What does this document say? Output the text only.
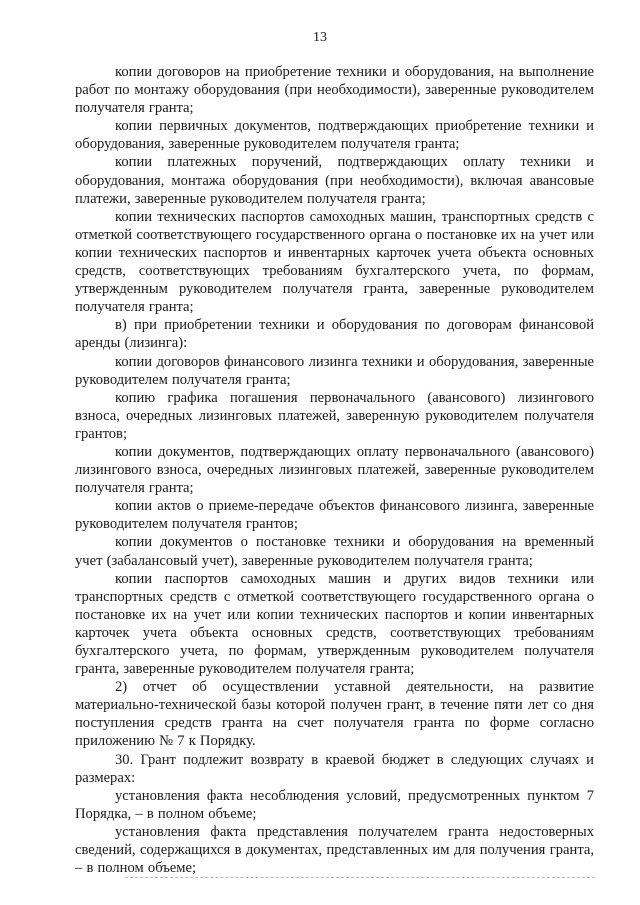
13

копии договоров на приобретение техники и оборудования, на выполнение работ по монтажу оборудования (при необходимости), заверенные руководителем получателя гранта;

копии первичных документов, подтверждающих приобретение техники и оборудования, заверенные руководителем получателя гранта;

копии платежных поручений, подтверждающих оплату техники и оборудования, монтажа оборудования (при необходимости), включая авансовые платежи, заверенные руководителем получателя гранта;

копии технических паспортов самоходных машин, транспортных средств с отметкой соответствующего государственного органа о постановке их на учет или копии технических паспортов и инвентарных карточек учета объекта основных средств, соответствующих требованиям бухгалтерского учета, по формам, утвержденным руководителем получателя гранта, заверенные руководителем получателя гранта;

в) при приобретении техники и оборудования по договорам финансовой аренды (лизинга):

копии договоров финансового лизинга техники и оборудования, заверенные руководителем получателя гранта;

копию графика погашения первоначального (авансового) лизингового взноса, очередных лизинговых платежей, заверенную руководителем получателя грантов;

копии документов, подтверждающих оплату первоначального (авансового) лизингового взноса, очередных лизинговых платежей, заверенные руководителем получателя гранта;

копии актов о приеме-передаче объектов финансового лизинга, заверенные руководителем получателя грантов;

копии документов о постановке техники и оборудования на временный учет (забалансовый учет), заверенные руководителем получателя гранта;

копии паспортов самоходных машин и других видов техники или транспортных средств с отметкой соответствующего государственного органа о постановке их на учет или копии технических паспортов и копии инвентарных карточек учета объекта основных средств, соответствующих требованиям бухгалтерского учета, по формам, утвержденным руководителем получателя гранта, заверенные руководителем получателя гранта;

2) отчет об осуществлении уставной деятельности, на развитие материально-технической базы которой получен грант, в течение пяти лет со дня поступления средств гранта на счет получателя гранта по форме согласно приложению № 7 к Порядку.

30. Грант подлежит возврату в краевой бюджет в следующих случаях и размерах:

установления факта несоблюдения условий, предусмотренных пунктом 7 Порядка, – в полном объеме;

установления факта представления получателем гранта недостоверных сведений, содержащихся в документах, представленных им для получения гранта, – в полном объеме;
